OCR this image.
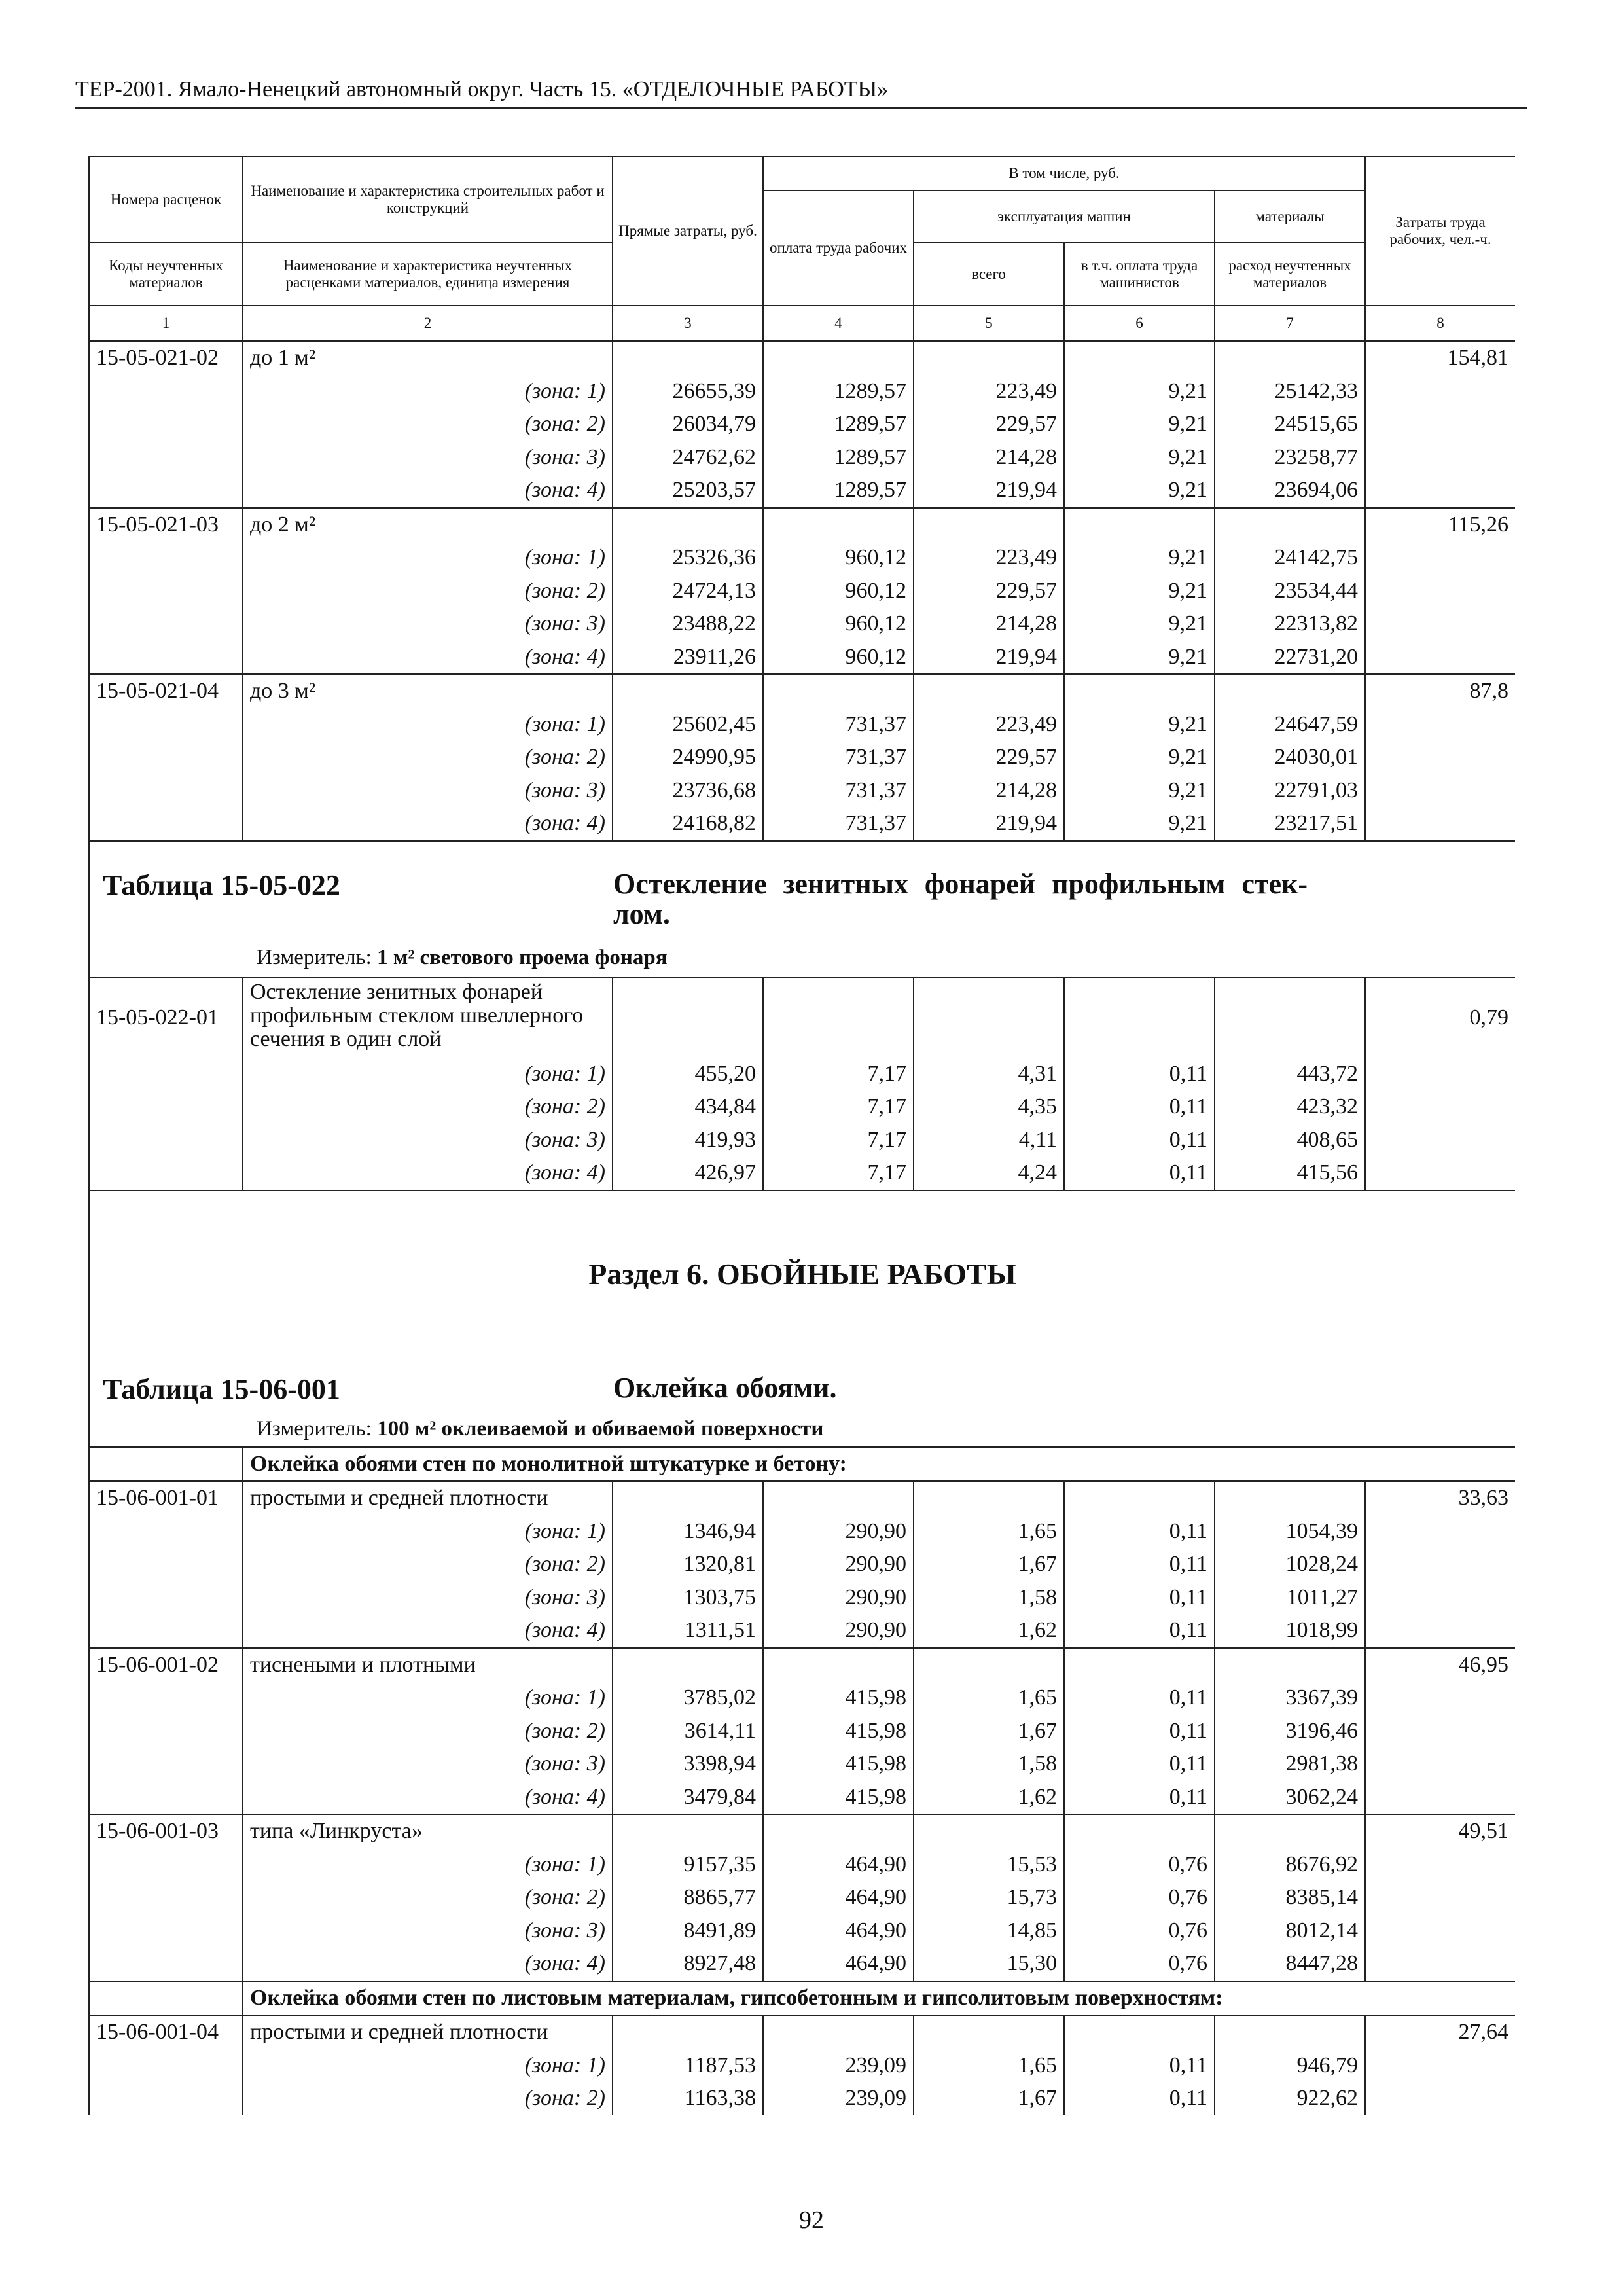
ТЕР-2001. Ямало-Ненецкий автономный округ. Часть 15. «ОТДЕЛОЧНЫЕ РАБОТЫ»
Номера расценок	Наименование и характеристика строительных работ и конструкций	Прямые затраты, руб.	В том числе, руб.				Затраты труда рабочих, чел.-ч.
			оплата труда рабочих	эксплуатация машин		материалы	
Коды неучтенных материалов	Наименование и характеристика неучтенных расценками материалов, единица измерения			всего	в т.ч. оплата труда машинистов	расход неучтенных материалов	

1	2	3	4	5	6	7	8
15-05-021-02	до 1 м²						154,81
	(зона: 1)	26655,39	1289,57	223,49	9,21	25142,33	
	(зона: 2)	26034,79	1289,57	229,57	9,21	24515,65	
	(зона: 3)	24762,62	1289,57	214,28	9,21	23258,77	
	(зона: 4)	25203,57	1289,57	219,94	9,21	23694,06	
15-05-021-03	до 2 м²						115,26
	(зона: 1)	25326,36	960,12	223,49	9,21	24142,75	
	(зона: 2)	24724,13	960,12	229,57	9,21	23534,44	
	(зона: 3)	23488,22	960,12	214,28	9,21	22313,82	
	(зона: 4)	23911,26	960,12	219,94	9,21	22731,20	
15-05-021-04	до 3 м²						87,8
	(зона: 1)	25602,45	731,37	223,49	9,21	24647,59	
	(зона: 2)	24990,95	731,37	229,57	9,21	24030,01	
	(зона: 3)	23736,68	731,37	214,28	9,21	22791,03	
	(зона: 4)	24168,82	731,37	219,94	9,21	23217,51	

Таблица 15-05-022 Остекление зенитных фонарей профильным стек-
лом.
Измеритель: 1 м² светового проема фонаря							

15-05-022-01	Остекление зенитных фонарей профильным стеклом швеллерного сечения в один слой						0,79
	(зона: 1)	455,20	7,17	4,31	0,11	443,72	
	(зона: 2)	434,84	7,17	4,35	0,11	423,32	
	(зона: 3)	419,93	7,17	4,11	0,11	408,65	
	(зона: 4)	426,97	7,17	4,24	0,11	415,56	

Раздел 6. ОБОЙНЫЕ РАБОТЫ
Таблица 15-06-001 Оклейка обоями.
Измеритель: 100 м² оклеиваемой и обиваемой поверхности							

	Оклейка обоями стен по монолитной штукатурке и бетону:						
15-06-001-01	простыми и средней плотности						33,63
	(зона: 1)	1346,94	290,90	1,65	0,11	1054,39	
	(зона: 2)	1320,81	290,90	1,67	0,11	1028,24	
	(зона: 3)	1303,75	290,90	1,58	0,11	1011,27	
	(зона: 4)	1311,51	290,90	1,62	0,11	1018,99	
15-06-001-02	тиснеными и плотными						46,95
	(зона: 1)	3785,02	415,98	1,65	0,11	3367,39	
	(зона: 2)	3614,11	415,98	1,67	0,11	3196,46	
	(зона: 3)	3398,94	415,98	1,58	0,11	2981,38	
	(зона: 4)	3479,84	415,98	1,62	0,11	3062,24	
15-06-001-03	типа «Линкруста»						49,51
	(зона: 1)	9157,35	464,90	15,53	0,76	8676,92	
	(зона: 2)	8865,77	464,90	15,73	0,76	8385,14	
	(зона: 3)	8491,89	464,90	14,85	0,76	8012,14	
	(зона: 4)	8927,48	464,90	15,30	0,76	8447,28	
	Оклейка обоями стен по листовым материалам, гипсобетонным и гипсолитовым поверхностям:						
15-06-001-04	простыми и средней плотности						27,64
	(зона: 1)	1187,53	239,09	1,65	0,11	946,79	
	(зона: 2)	1163,38	239,09	1,67	0,11	922,62	
92
